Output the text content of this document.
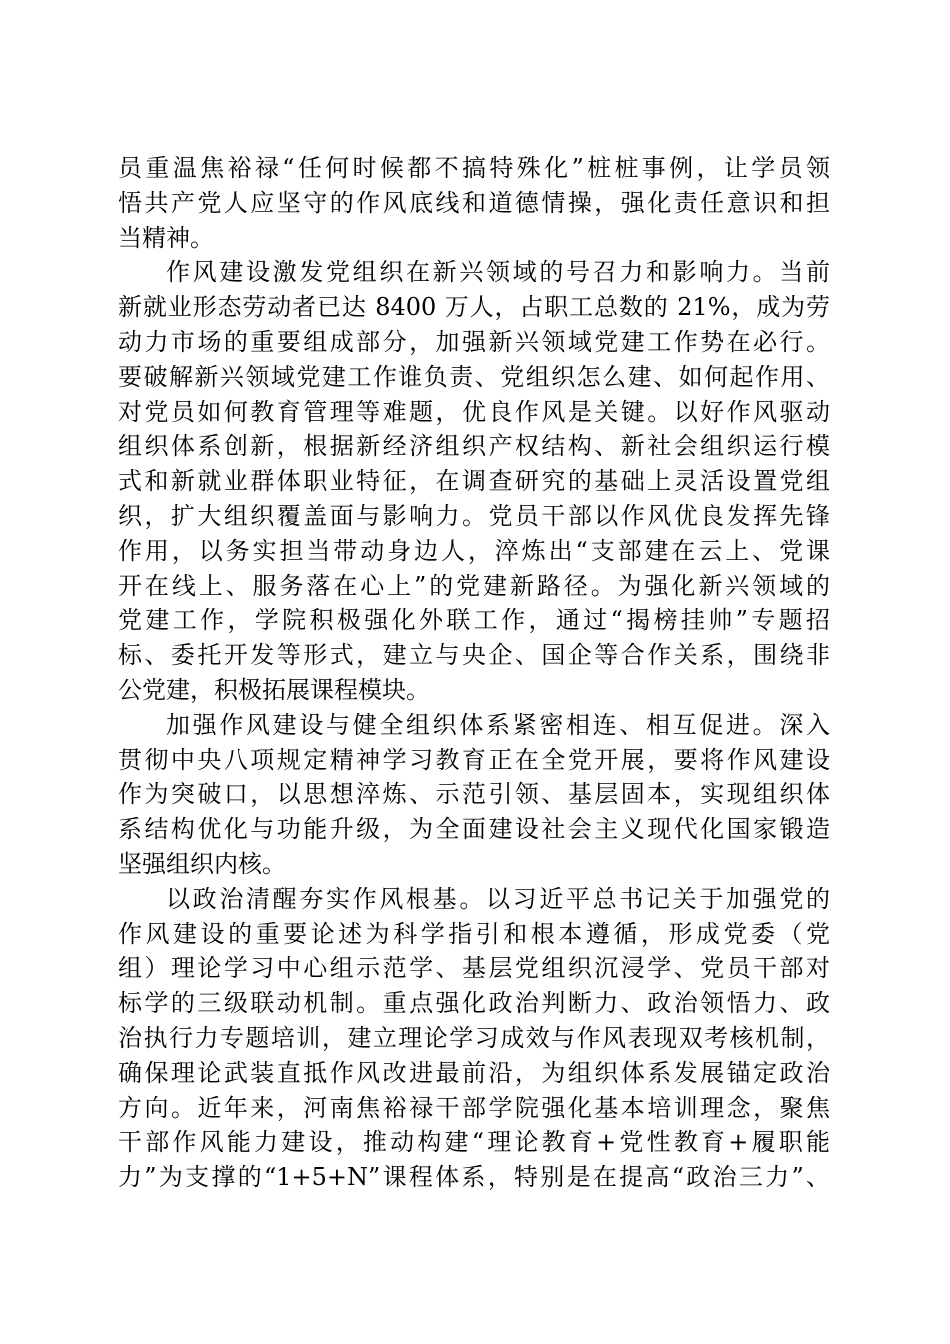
员重温焦裕禄“任何时候都不搞特殊化”桩桩事例，让学员领
悟共产党人应坚守的作风底线和道德情操，强化责任意识和担
当精神。
作风建设激发党组织在新兴领域的号召力和影响力。当前
新就业形态劳动者已达 8400 万人，占职工总数的 21%，成为劳
动力市场的重要组成部分，加强新兴领域党建工作势在必行。
要破解新兴领域党建工作谁负责、党组织怎么建、如何起作用、
对党员如何教育管理等难题，优良作风是关键。以好作风驱动
组织体系创新，根据新经济组织产权结构、新社会组织运行模
式和新就业群体职业特征，在调查研究的基础上灵活设置党组
织，扩大组织覆盖面与影响力。党员干部以作风优良发挥先锋
作用，以务实担当带动身边人，淬炼出“支部建在云上、党课
开在线上、服务落在心上”的党建新路径。为强化新兴领域的
党建工作，学院积极强化外联工作，通过“揭榜挂帅”专题招
标、委托开发等形式，建立与央企、国企等合作关系，围绕非
公党建，积极拓展课程模块。
加强作风建设与健全组织体系紧密相连、相互促进。深入
贯彻中央八项规定精神学习教育正在全党开展，要将作风建设
作为突破口，以思想淬炼、示范引领、基层固本，实现组织体
系结构优化与功能升级，为全面建设社会主义现代化国家锻造
坚强组织内核。
以政治清醒夯实作风根基。以习近平总书记关于加强党的
作风建设的重要论述为科学指引和根本遵循，形成党委（党
组）理论学习中心组示范学、基层党组织沉浸学、党员干部对
标学的三级联动机制。重点强化政治判断力、政治领悟力、政
治执行力专题培训，建立理论学习成效与作风表现双考核机制，
确保理论武装直抵作风改进最前沿，为组织体系发展锚定政治
方向。近年来，河南焦裕禄干部学院强化基本培训理念，聚焦
干部作风能力建设，推动构建“理论教育+党性教育+履职能
力”为支撑的“1+5+N”课程体系，特别是在提高“政治三力”、
